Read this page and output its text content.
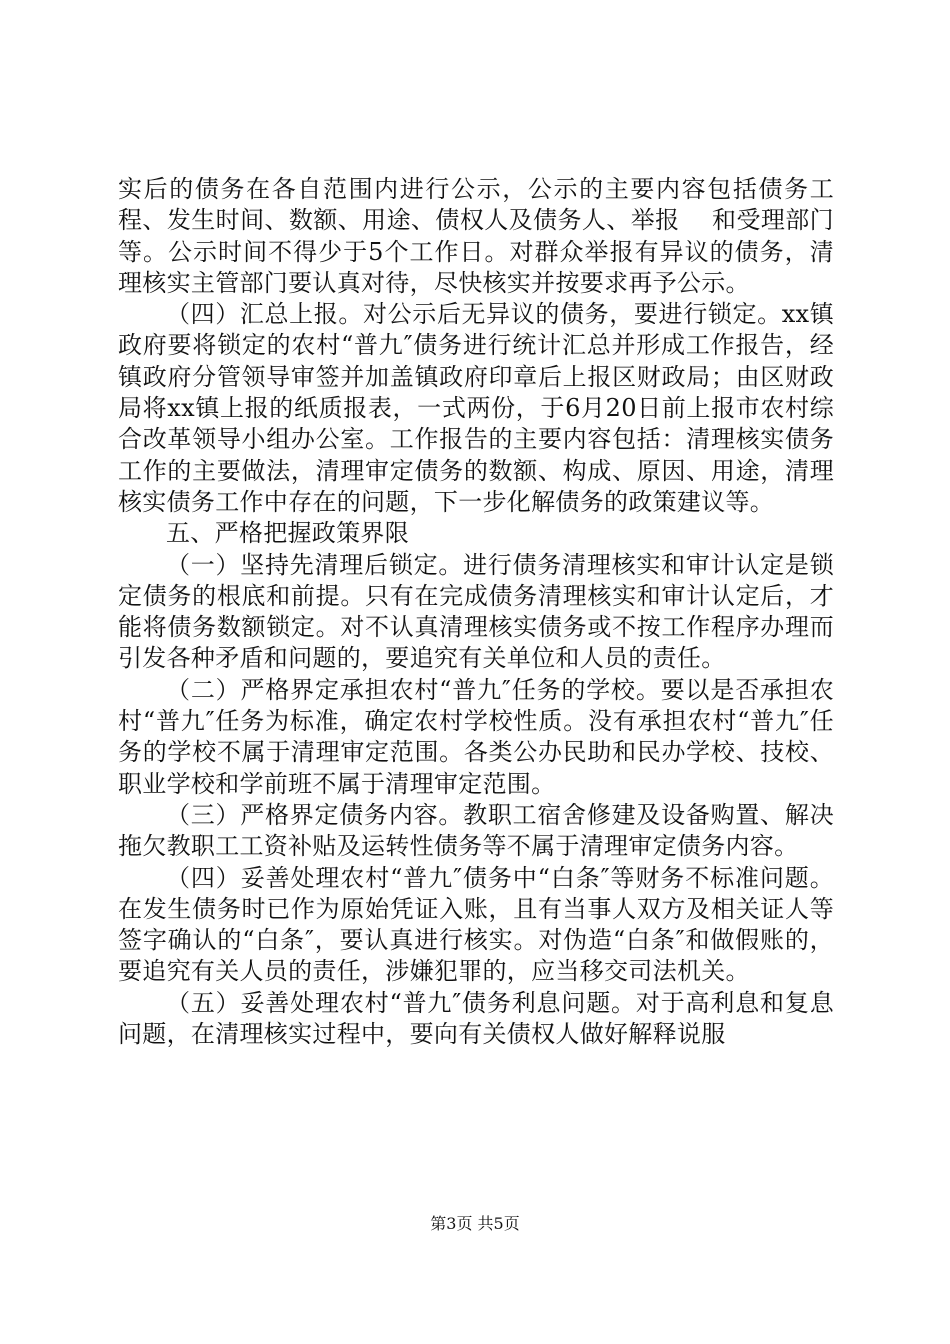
实后的债务在各自范围内进行公示，公示的主要内容包括债务工程、发生时间、数额、用途、债权人及债务人、举报　 和受理部门等。公示时间不得少于5个工作日。对群众举报有异议的债务，清理核实主管部门要认真对待，尽快核实并按要求再予公示。

（四）汇总上报。对公示后无异议的债务，要进行锁定。xx镇政府要将锁定的农村“普九″债务进行统计汇总并形成工作报告，经镇政府分管领导审签并加盖镇政府印章后上报区财政局；由区财政局将xx镇上报的纸质报表，一式两份，于6月20日前上报市农村综合改革领导小组办公室。工作报告的主要内容包括：清理核实债务工作的主要做法，清理审定债务的数额、构成、原因、用途，清理核实债务工作中存在的问题，下一步化解债务的政策建议等。

五、严格把握政策界限

（一）坚持先清理后锁定。进行债务清理核实和审计认定是锁定债务的根底和前提。只有在完成债务清理核实和审计认定后，才能将债务数额锁定。对不认真清理核实债务或不按工作程序办理而引发各种矛盾和问题的，要追究有关单位和人员的责任。

（二）严格界定承担农村“普九″任务的学校。要以是否承担农村“普九″任务为标准，确定农村学校性质。没有承担农村“普九″任务的学校不属于清理审定范围。各类公办民助和民办学校、技校、职业学校和学前班不属于清理审定范围。

（三）严格界定债务内容。教职工宿舍修建及设备购置、解决拖欠教职工工资补贴及运转性债务等不属于清理审定债务内容。

（四）妥善处理农村“普九″债务中“白条″等财务不标准问题。在发生债务时已作为原始凭证入账，且有当事人双方及相关证人等签字确认的“白条″，要认真进行核实。对伪造“白条″和做假账的，要追究有关人员的责任，涉嫌犯罪的，应当移交司法机关。

（五）妥善处理农村“普九″债务利息问题。对于高利息和复息问题，在清理核实过程中，要向有关债权人做好解释说服

第3页 共5页
